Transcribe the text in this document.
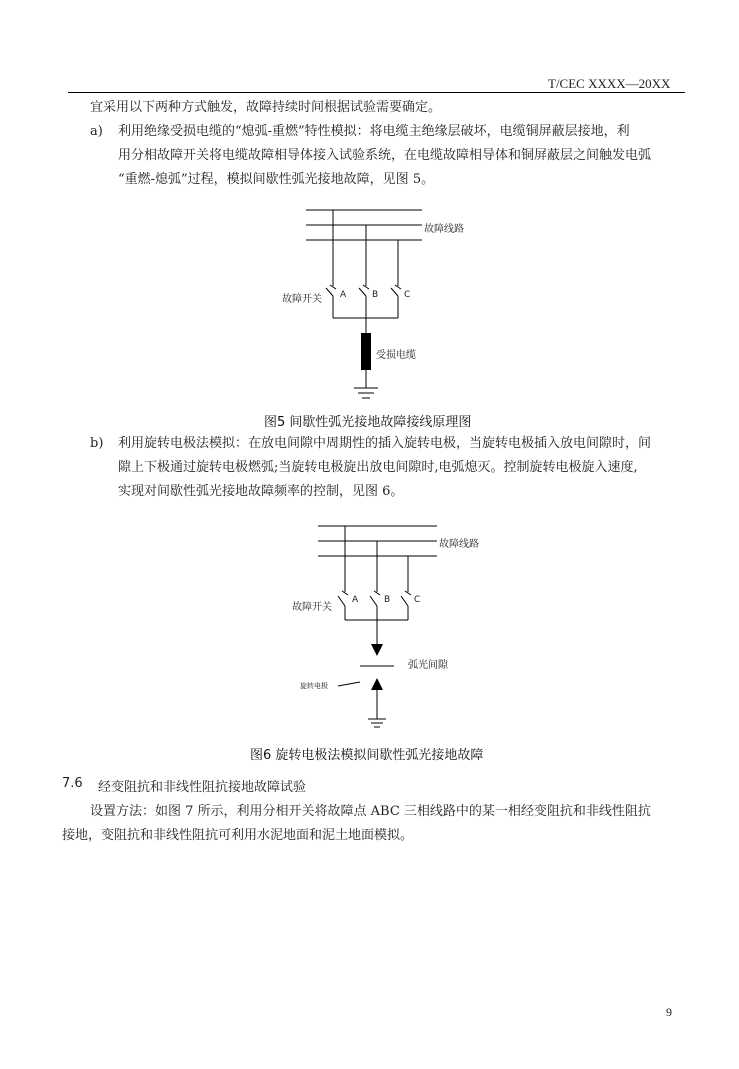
T/CEC XXXX—20XX
宜采用以下两种方式触发，故障持续时间根据试验需要确定。
a) 利用绝缘受损电缆的“熄弧-重燃”特性模拟：将电缆主绝缘层破坏，电缆铜屏蔽层接地，利
用分相故障开关将电缆故障相导体接入试验系统，在电缆故障相导体和铜屏蔽层之间触发电弧
“重燃-熄弧”过程，模拟间歇性弧光接地故障，见图 5。
故障线路
故障开关 A	B	C
受损电缆
图5 间歇性弧光接地故障接线原理图
b) 利用旋转电极法模拟：在放电间隙中周期性的插入旋转电极，当旋转电极插入放电间隙时，间
隙上下极通过旋转电极燃弧;当旋转电极旋出放电间隙时,电弧熄灭。控制旋转电极旋入速度,
实现对间歇性弧光接地故障频率的控制，见图 6。
故障线路
故障开关
A	B	C
弧光间隙
旋转电极
图6 旋转电极法模拟间歇性弧光接地故障
7.6 经变阻抗和非线性阻抗接地故障试验
设置方法：如图 7 所示，利用分相开关将故障点 ABC 三相线路中的某一相经变阻抗和非线性阻抗
接地，变阻抗和非线性阻抗可利用水泥地面和泥土地面模拟。
9
